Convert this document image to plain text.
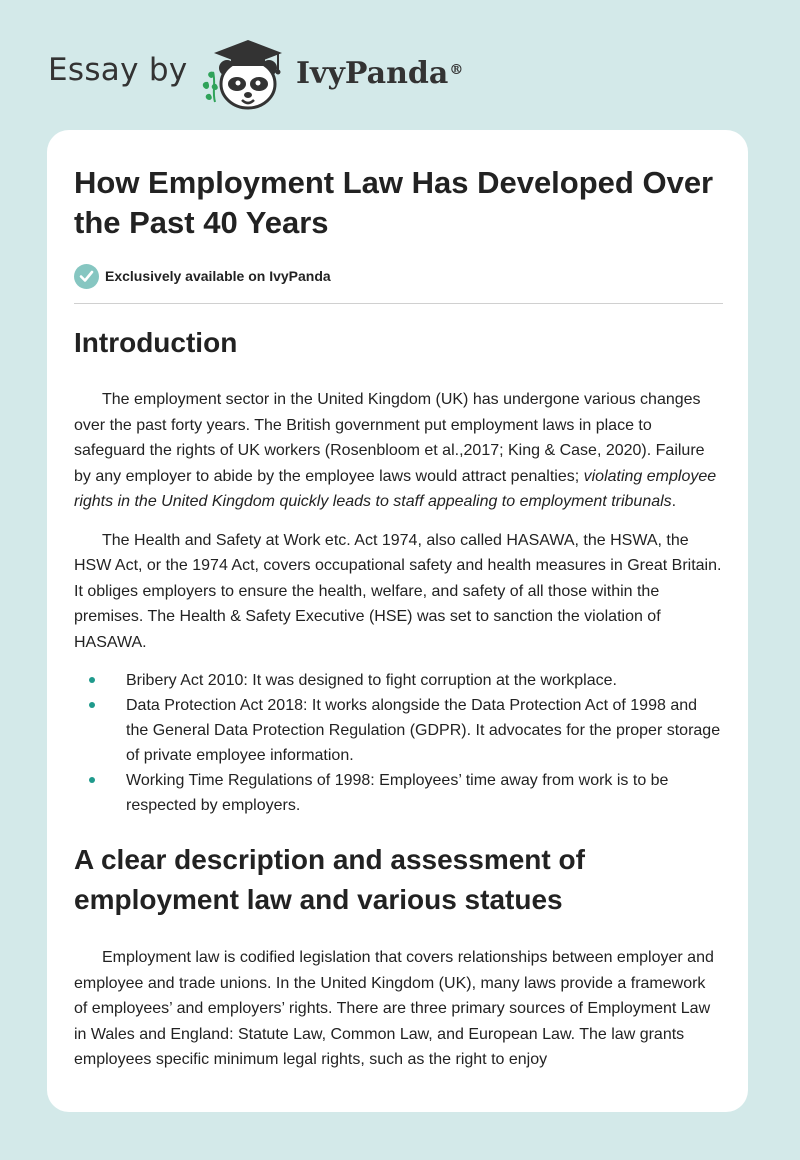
Essay by	IvyPanda®
How Employment Law Has Developed Over the Past 40 Years
Exclusively available on IvyPanda
Introduction

The employment sector in the United Kingdom (UK) has undergone various changes over the past forty years. The British government put employment laws in place to safeguard the rights of UK workers (Rosenbloom et al.,2017; King & Case, 2020). Failure by any employer to abide by the employee laws would attract penalties; violating employee rights in the United Kingdom quickly leads to staff appealing to employment tribunals.

The Health and Safety at Work etc. Act 1974, also called HASAWA, the HSWA, the HSW Act, or the 1974 Act, covers occupational safety and health measures in Great Britain. It obliges employers to ensure the health, welfare, and safety of all those within the premises. The Health & Safety Executive (HSE) was set to sanction the violation of HASAWA.

Bribery Act 2010: It was designed to fight corruption at the workplace.
Data Protection Act 2018: It works alongside the Data Protection Act of 1998 and the General Data Protection Regulation (GDPR). It advocates for the proper storage of private employee information.
Working Time Regulations of 1998: Employees’ time away from work is to be respected by employers.
A clear description and assessment of employment law and various statues

Employment law is codified legislation that covers relationships between employer and employee and trade unions. In the United Kingdom (UK), many laws provide a framework of employees’ and employers’ rights. There are three primary sources of Employment Law in Wales and England: Statute Law, Common Law, and European Law. The law grants employees specific minimum legal rights, such as the right to enjoy
